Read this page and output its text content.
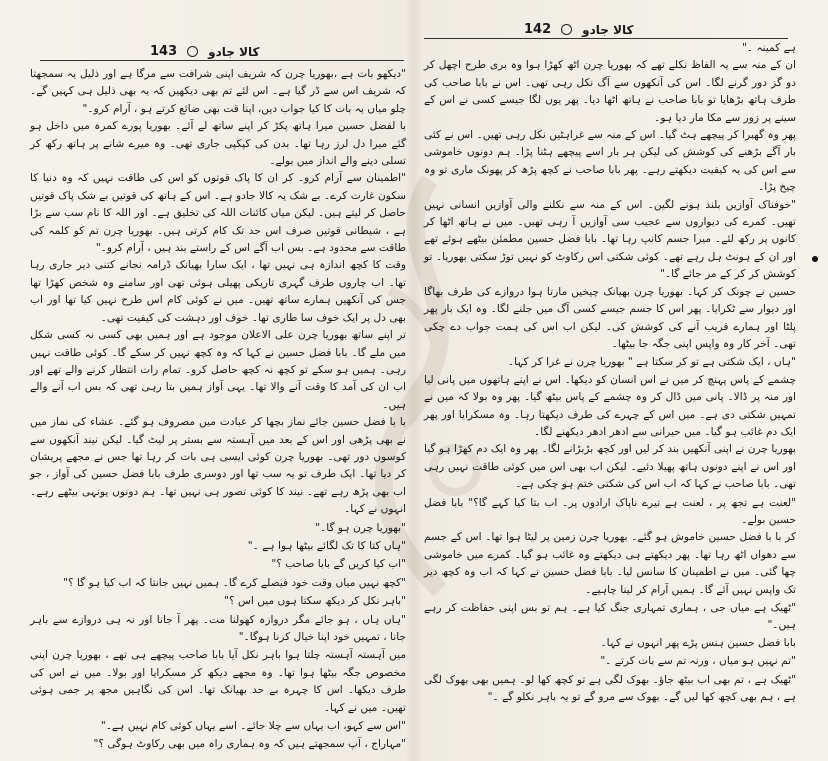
کالا جادو
143

"دیکھو بات ہے ،بھوریا چرن کہ شریف اپنی شرافت سے مرگا ہے اور ذلیل یہ سمجھتا کہ شریف اس سے ڈر گیا ہے۔ اس لئے تم بھی دیکھیں کہ یہ بھی ذلیل ہی کہیں گے۔ چلو میاں یہ بات کا کیا جواب دیں، اپنا قت بھی ضائع کرتے ہو ، آرام کرو۔"

با لفضل حسین میرا ہاتھ پکڑ کر اپنے ساتھ لے آئے۔ بھوریا پورے کمرہ میں داخل ہو گئے میرا دل لرز رہا تھا۔ بدن کی کپکپی جاری تھی۔ وہ میرے شانے پر ہاتھ رکھ کر تسلی دینے والے انداز میں بولے۔

"اطمینان سے آرام کرو۔ کر ان کا پاک قوتوں کو اس کی طاقت نہیں کہ وہ دنیا کا سکون غارت کرے۔ بے شک یہ کالا جادو ہے۔ اس کے ہاتھ کی قوتیں بے شک پاک قوتیں حاصل کر لیتے ہیں۔ لیکن میاں کائنات اللہ کی تخلیق ہے۔ اور اللہ کا نام سب سے بڑا ہے ، شیطانی قوتیں صرف اس حد تک کام کرتی ہیں۔ بھوریا چرن تم کو کلمہ کی طاقت سے محدود ہے۔ بس اب آگے اس کے راستے بند ہیں ، آرام کرو۔"

وقت کا کچھ اندازہ ہی نہیں تھا ، ایک سارا بھیانک ڈرامہ نجانے کتنی دیر جاری رہا تھا۔ اب چاروں طرف گہری تاریکی پھیلی ہوئی تھی اور سامنے وہ شخص کھڑا تھا جس کی آنکھیں ہمارے ساتھ تھیں۔ میں نے کوئی کام اس طرح نہیں کیا تھا اور اب بھی دل پر ایک خوف سا طاری تھا۔ خوف اور دہشت کی کیفیت تھی۔

تر اپنے ساتھ بھوریا چرن علی الاعلان موجود ہے اور ہمیں بھی کسی نہ کسی شکل میں ملے گا۔ بابا فضل حسین نے کہا کہ وہ کچھ نہیں کر سکے گا۔ کوئی طاقت نہیں رہی۔ ہمیں ہو سکے تو کچھ نہ کچھ حاصل کرو۔ تمام رات انتظار کرنے والے تھے اور اب ان کی آمد کا وقت آنے والا تھا۔ یہی آواز ہمیں بتا رہی تھی کہ بس اب آنے والے ہیں۔

با با فضل حسین جائے نماز بچھا کر عبادت میں مصروف ہو گئے۔ عشاء کی نماز میں نے بھی پڑھی اور اس کے بعد میں آہستہ سے بستر پر لیٹ گیا۔ لیکن نیند آنکھوں سے کوسوں دور تھی۔ بھوریا چرن کوئی ایسی ہی بات کر رہا تھا جس نے مجھے پریشان کر دیا تھا۔ ایک طرف تو یہ سب تھا اور دوسری طرف بابا فضل حسین کی آواز ، جو اب بھی پڑھ رہے تھے۔ نیند کا کوئی تصور ہی نہیں تھا۔ ہم دونوں یونہی بیٹھے رہے۔ انہوں نے کہا۔

"بھوریا چرن ہو گا۔"

"ہاں کتا کا تک لگائے بیٹھا ہوا ہے ۔"

"اب کیا کریں گے بابا صاحب ؟"

"کچھ نہیں میاں وقت خود فیصلے کرے گا۔ ہمیں نہیں جانتا کہ اب کیا ہو گا ؟"

"باہر نکل کر دیکھ سکتا ہوں میں اس ؟"

"ہاں ہاں ، ہو جائے مگر دروازہ کھولنا مت۔ پھر آ جانا اور نہ ہی دروازے سے باہر جانا ، تمہیں خود اپنا خیال کرنا ہوگا۔"

میں آہستہ آہستہ چلتا ہوا باہر نکل آیا بابا صاحب پیچھے ہی تھے ، بھوریا چرن اپنی مخصوص جگہ بیٹھا ہوا تھا۔ وہ مجھے دیکھ کر مسکرایا اور بولا۔ میں نے اس کی طرف دیکھا۔ اس کا چہرہ بے حد بھیانک تھا۔ اس کی نگاہیں مجھ پر جمی ہوئی تھیں۔ میں نے کہا۔

"اس سے کہو، اب یہاں سے چلا جائے۔ اسے یہاں کوئی کام نہیں ہے۔"

"مہاراج ، آپ سمجھتے ہیں کہ وہ ہماری راہ میں بھی رکاوٹ ہوگی ؟"

کالا جادو
142

ہے کمینہ ۔"

ان کے منہ سے یہ الفاظ نکلے تھے کہ بھوریا چرن اٹھ کھڑا ہوا وہ بری طرح اچھل کر دو گز دور گرنے لگا۔ اس کی آنکھوں سے آگ نکل رہی تھی۔ اس نے بابا صاحب کی طرف ہاتھ بڑھایا تو بابا صاحب نے ہاتھ اٹھا دیا۔ پھر یوں لگا جیسے کسی نے اس کے سینے پر زور سے مکا مار دیا ہو۔

پھر وہ گھبرا کر پیچھے ہٹ گیا۔ اس کے منہ سے غراہٹیں نکل رہی تھیں۔ اس نے کئی بار آگے بڑھنے کی کوشش کی لیکن ہر بار اسے پیچھے ہٹنا پڑا۔ ہم دونوں خاموشی سے اس کی یہ کیفیت دیکھتے رہے۔ پھر بابا صاحب نے کچھ پڑھ کر پھونک ماری تو وہ چیخ پڑا۔

"خوفناک آوازیں بلند ہونے لگیں۔ اس کے منہ سے نکلنے والی آوازیں انسانی نہیں تھیں۔ کمرے کی دیواروں سے عجیب سی آوازیں آ رہی تھیں۔ میں نے ہاتھ اٹھا کر کانوں پر رکھ لئے۔ میرا جسم کانپ رہا تھا۔ بابا فضل حسین مطمئن بیٹھے ہوئے تھے اور ان کے ہونٹ ہل رہے تھے۔ کوئی شکتی اس رکاوٹ کو نہیں توڑ سکتی بھوریا۔ تو کوشش کر کر کے مر جائے گا۔"

حسین نے چونک کر کہا۔ بھوریا چرن بھیانک چیخیں مارتا ہوا دروازے کی طرف بھاگا اور دیوار سے ٹکرایا۔ پھر اس کا جسم جیسے کسی آگ میں جلنے لگا۔ وہ ایک بار پھر پلٹا اور ہمارے قریب آنے کی کوشش کی۔ لیکن اب اس کی ہمت جواب دے چکی تھی۔ آخر کار وہ واپس اپنی جگہ جا بیٹھا۔

"ہاں ، ایک شکتی ہے تو کر سکتا ہے " بھوریا چرن نے غرا کر کہا۔

چشمے کے پاس پہنچ کر میں نے اس انسان کو دیکھا۔ اس نے اپنے ہاتھوں میں پانی لیا اور منہ پر ڈالا۔ پانی میں ڈال کر وہ چشمے کے پاس بیٹھ گیا۔ پھر وہ بولا کہ میں نے تمہیں شکتی دی ہے۔ میں اس کے چہرے کی طرف دیکھتا رہا۔ وہ مسکرایا اور پھر ایک دم غائب ہو گیا۔ میں حیرانی سے ادھر ادھر دیکھنے لگا۔

بھوریا چرن نے اپنی آنکھیں بند کر لیں اور کچھ بڑبڑانے لگا۔ پھر وہ ایک دم کھڑا ہو گیا اور اس نے اپنے دونوں ہاتھ پھیلا دئیے۔ لیکن اب بھی اس میں کوئی طاقت نہیں رہی تھی۔ بابا صاحب نے کہا کہ اب اس کی شکتی ختم ہو چکی ہے۔

"لعنت ہے تجھ پر ، لعنت ہے تیرے ناپاک ارادوں پر۔ اب بتا کیا کہے گا؟" بابا فضل حسین بولے۔

کر با با فضل حسین خاموش ہو گئے۔ بھوریا چرن زمین پر لیٹا ہوا تھا۔ اس کے جسم سے دھواں اٹھ رہا تھا۔ پھر دیکھتے ہی دیکھتے وہ غائب ہو گیا۔ کمرے میں خاموشی چھا گئی۔ میں نے اطمینان کا سانس لیا۔ بابا فضل حسین نے کہا کہ اب وہ کچھ دیر تک واپس نہیں آئے گا۔ ہمیں آرام کر لینا چاہیے۔

"ٹھیک ہے میاں جی ، ہماری تمہاری جنگ کیا ہے۔ ہم تو بس اپنی حفاظت کر رہے ہیں۔"

بابا فضل حسین ہنس پڑے پھر انہوں نے کہا۔

"تم نہیں ہو میاں ، ورنہ تم سے بات کرتے ۔"

"ٹھیک ہے ، تم بھی اب بیٹھ جاؤ۔ بھوک لگی ہے تو کچھ کھا لو۔ ہمیں بھی بھوک لگی ہے ، ہم بھی کچھ کھا لیں گے۔ بھوک سے مرو گے تو یہ باہر نکلو گے ۔"
